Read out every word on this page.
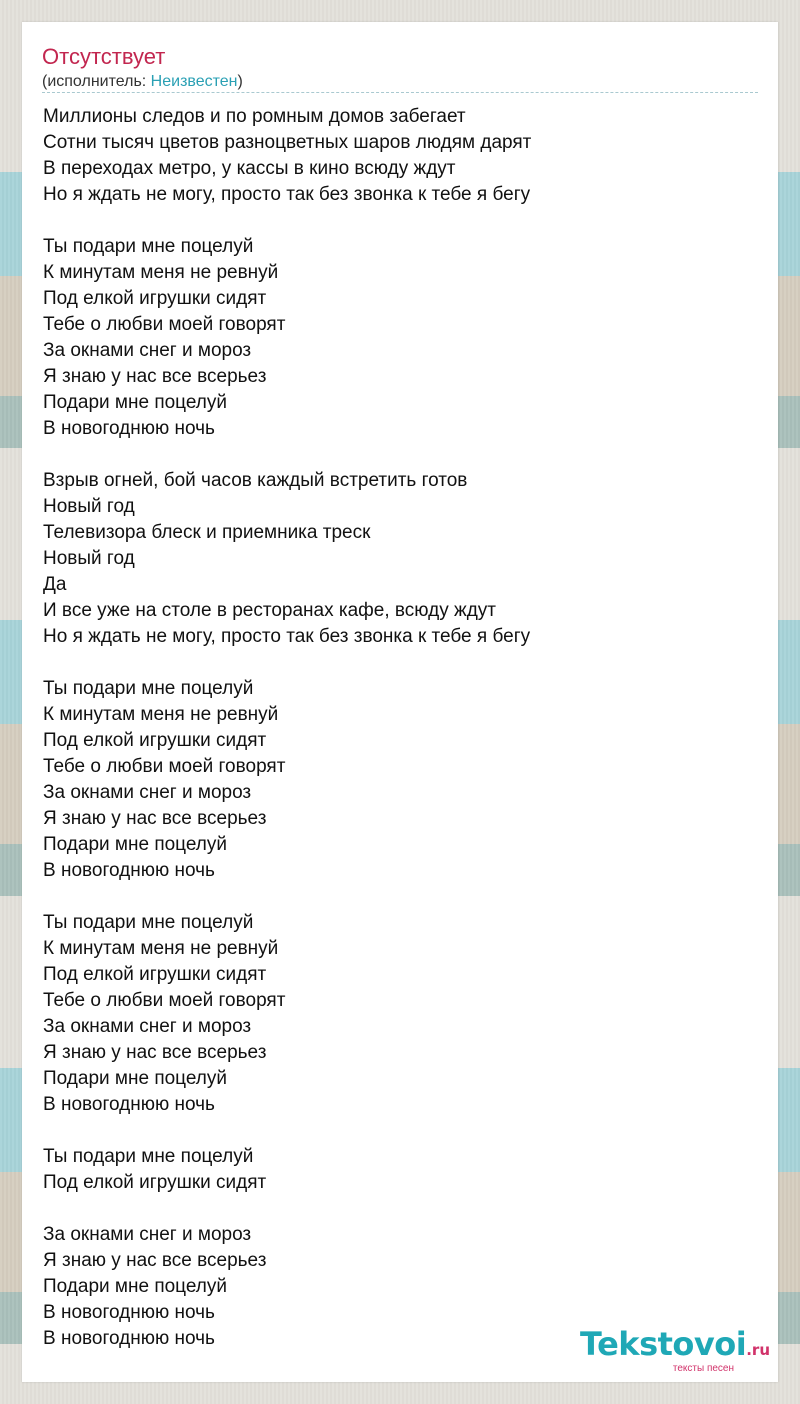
Отсутствует
(исполнитель: Неизвестен)
Миллионы следов и по ромным домов забегает
Сотни тысяч цветов разноцветных шаров людям дарят
В переходах метро, у кассы в кино всюду ждут
Но я ждать не могу, просто так без звонка к тебе я бегу
Ты подари мне поцелуй
К минутам меня не ревнуй
Под елкой игрушки сидят
Тебе о любви моей говорят
За окнами снег и мороз
Я знаю у нас все всерьез
Подари мне поцелуй
В новогоднюю ночь
Взрыв огней, бой часов каждый встретить готов
Новый год
Телевизора блеск и приемника треск
Новый год
Да
И все уже на столе в ресторанах кафе, всюду ждут
Но я ждать не могу, просто так без звонка к тебе я бегу
Ты подари мне поцелуй
К минутам меня не ревнуй
Под елкой игрушки сидят
Тебе о любви моей говорят
За окнами снег и мороз
Я знаю у нас все всерьез
Подари мне поцелуй
В новогоднюю ночь
Ты подари мне поцелуй
К минутам меня не ревнуй
Под елкой игрушки сидят
Тебе о любви моей говорят
За окнами снег и мороз
Я знаю у нас все всерьез
Подари мне поцелуй
В новогоднюю ночь
Ты подари мне поцелуй
Под елкой игрушки сидят
За окнами снег и мороз
Я знаю у нас все всерьез
Подари мне поцелуй
В новогоднюю ночь
В новогоднюю ночь	Tekstovoi.ru
тексты песен
